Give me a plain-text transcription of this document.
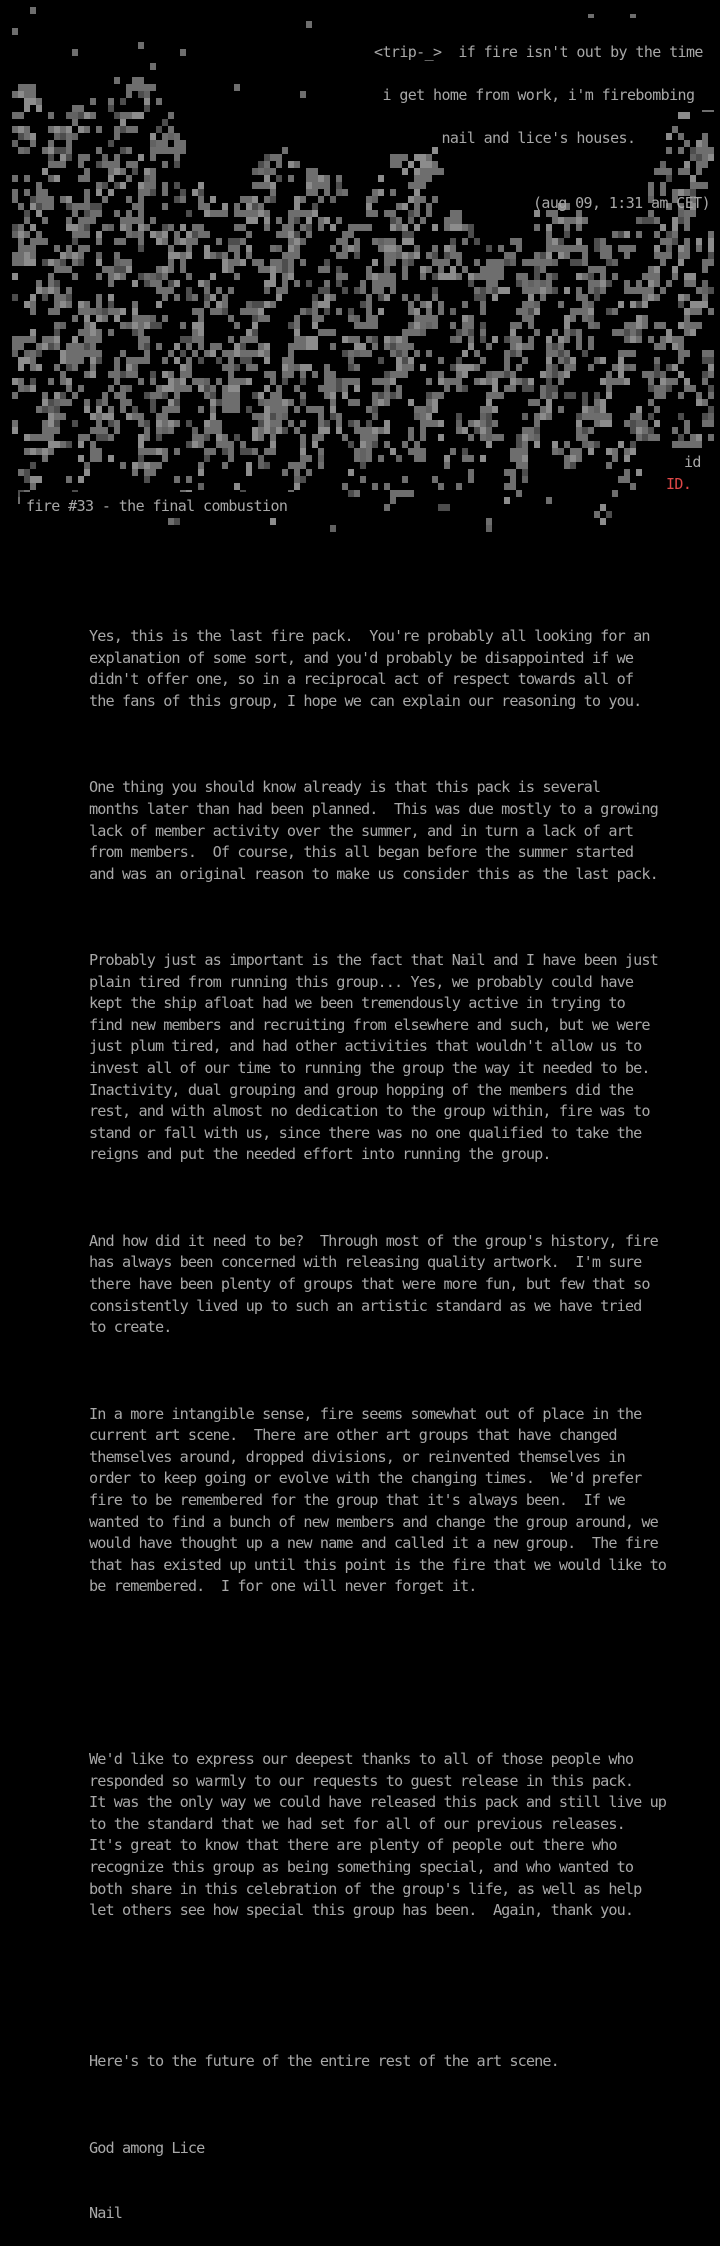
<trip-_>  if fire isn't out by the time

i get home from work, i'm firebombing

nail and lice's houses.

(aug 09, 1:31 am CET)

fire #33 - the final combustion
id
ID.

Yes, this is the last fire pack.  You're probably all looking for an
explanation of some sort, and you'd probably be disappointed if we
didn't offer one, so in a reciprocal act of respect towards all of
the fans of this group, I hope we can explain our reasoning to you.

One thing you should know already is that this pack is several
months later than had been planned.  This was due mostly to a growing
lack of member activity over the summer, and in turn a lack of art
from members.  Of course, this all began before the summer started
and was an original reason to make us consider this as the last pack.

Probably just as important is the fact that Nail and I have been just
plain tired from running this group... Yes, we probably could have
kept the ship afloat had we been tremendously active in trying to
find new members and recruiting from elsewhere and such, but we were
just plum tired, and had other activities that wouldn't allow us to
invest all of our time to running the group the way it needed to be.
Inactivity, dual grouping and group hopping of the members did the
rest, and with almost no dedication to the group within, fire was to
stand or fall with us, since there was no one qualified to take the
reigns and put the needed effort into running the group.

And how did it need to be?  Through most of the group's history, fire
has always been concerned with releasing quality artwork.  I'm sure
there have been plenty of groups that were more fun, but few that so
consistently lived up to such an artistic standard as we have tried
to create.

In a more intangible sense, fire seems somewhat out of place in the
current art scene.  There are other art groups that have changed
themselves around, dropped divisions, or reinvented themselves in
order to keep going or evolve with the changing times.  We'd prefer
fire to be remembered for the group that it's always been.  If we
wanted to find a bunch of new members and change the group around, we
would have thought up a new name and called it a new group.  The fire
that has existed up until this point is the fire that we would like to
be remembered.  I for one will never forget it.

We'd like to express our deepest thanks to all of those people who
responded so warmly to our requests to guest release in this pack.
It was the only way we could have released this pack and still live up
to the standard that we had set for all of our previous releases.
It's great to know that there are plenty of people out there who
recognize this group as being something special, and who wanted to
both share in this celebration of the group's life, as well as help
let others see how special this group has been.  Again, thank you.

Here's to the future of the entire rest of the art scene.

God among Lice

Nail
